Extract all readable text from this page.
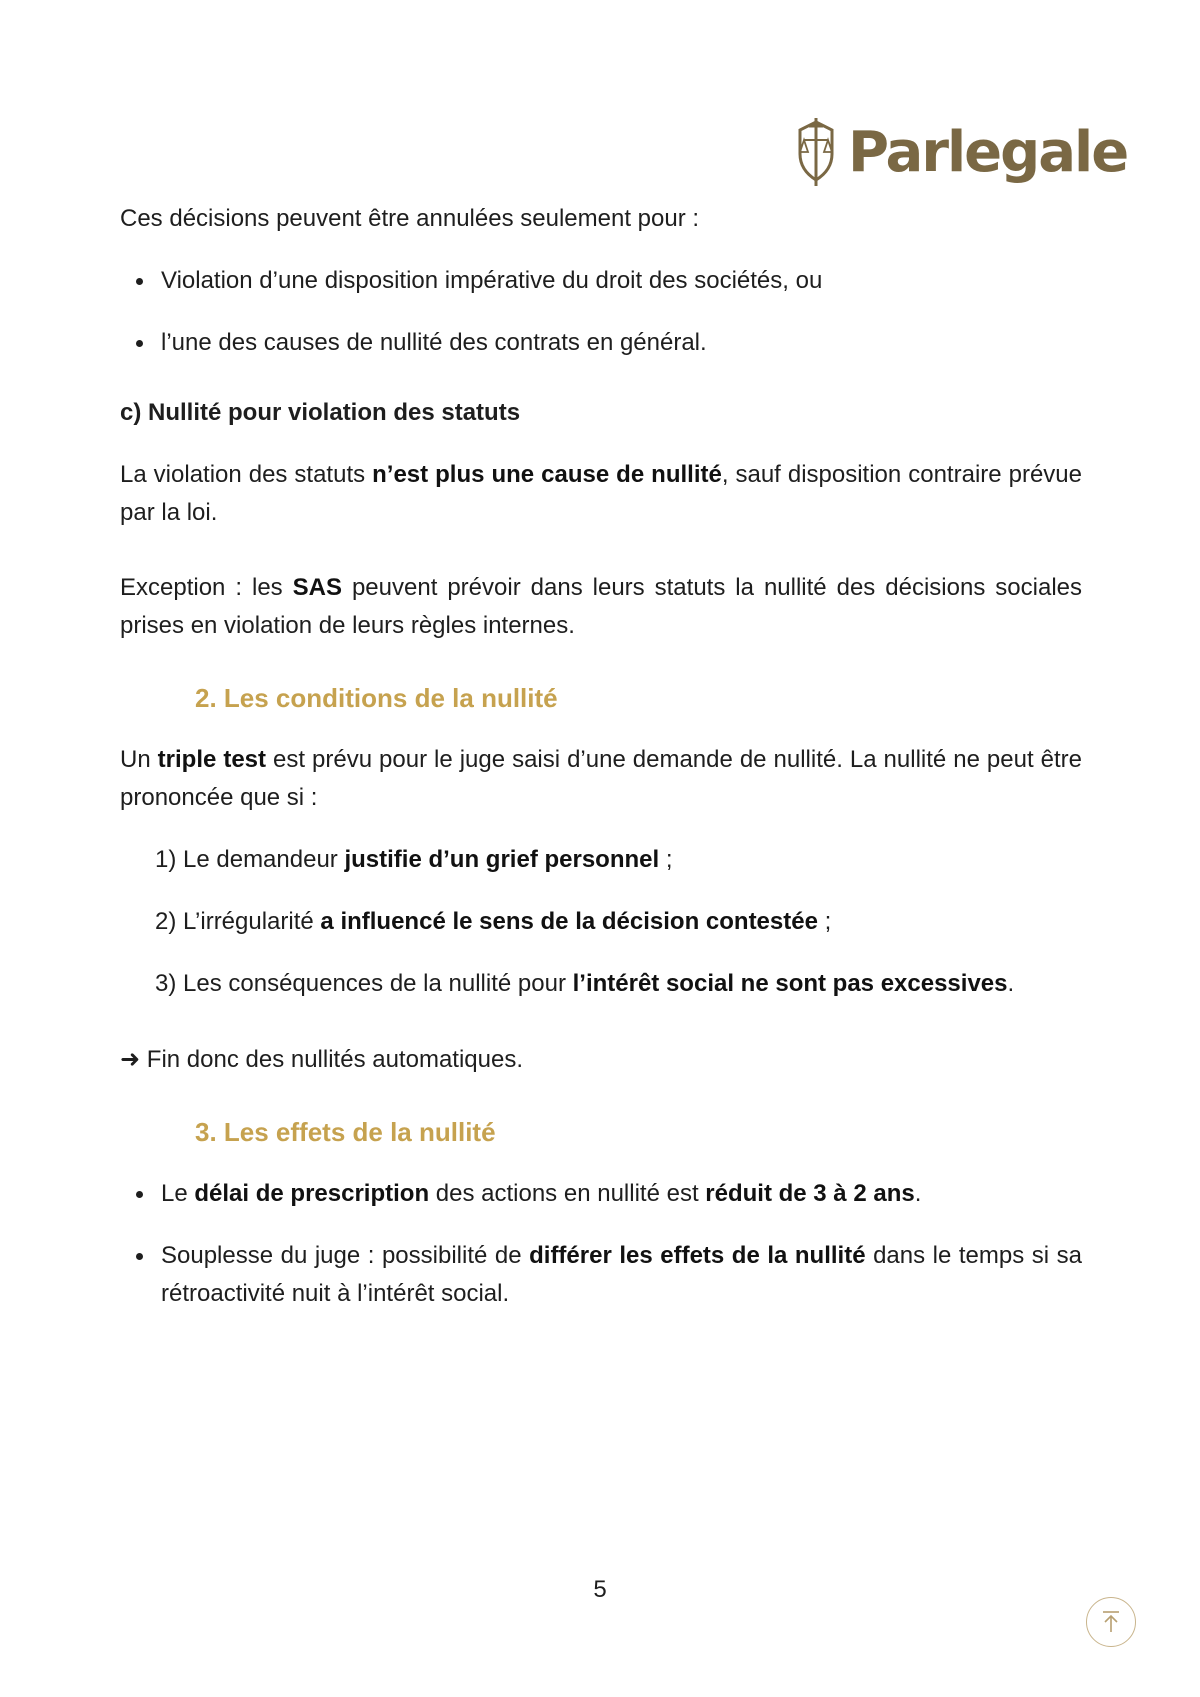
Parlegale

Ces décisions peuvent être annulées seulement pour :

Violation d’une disposition impérative du droit des sociétés, ou
l’une des causes de nullité des contrats en général.
c) Nullité pour violation des statuts

La violation des statuts n’est plus une cause de nullité, sauf disposition contraire prévue par la loi.

Exception : les SAS peuvent prévoir dans leurs statuts la nullité des décisions sociales prises en violation de leurs règles internes.

2. Les conditions de la nullité

Un triple test est prévu pour le juge saisi d’une demande de nullité. La nullité ne peut être prononcée que si :

1) Le demandeur justifie d’un grief personnel ;
2) L’irrégularité a influencé le sens de la décision contestée ;
3) Les conséquences de la nullité pour l’intérêt social ne sont pas excessives.

➜ Fin donc des nullités automatiques.

3. Les effets de la nullité
Le délai de prescription des actions en nullité est réduit de 3 à 2 ans.
Souplesse du juge : possibilité de différer les effets de la nullité dans le temps si sa rétroactivité nuit à l’intérêt social.
5
